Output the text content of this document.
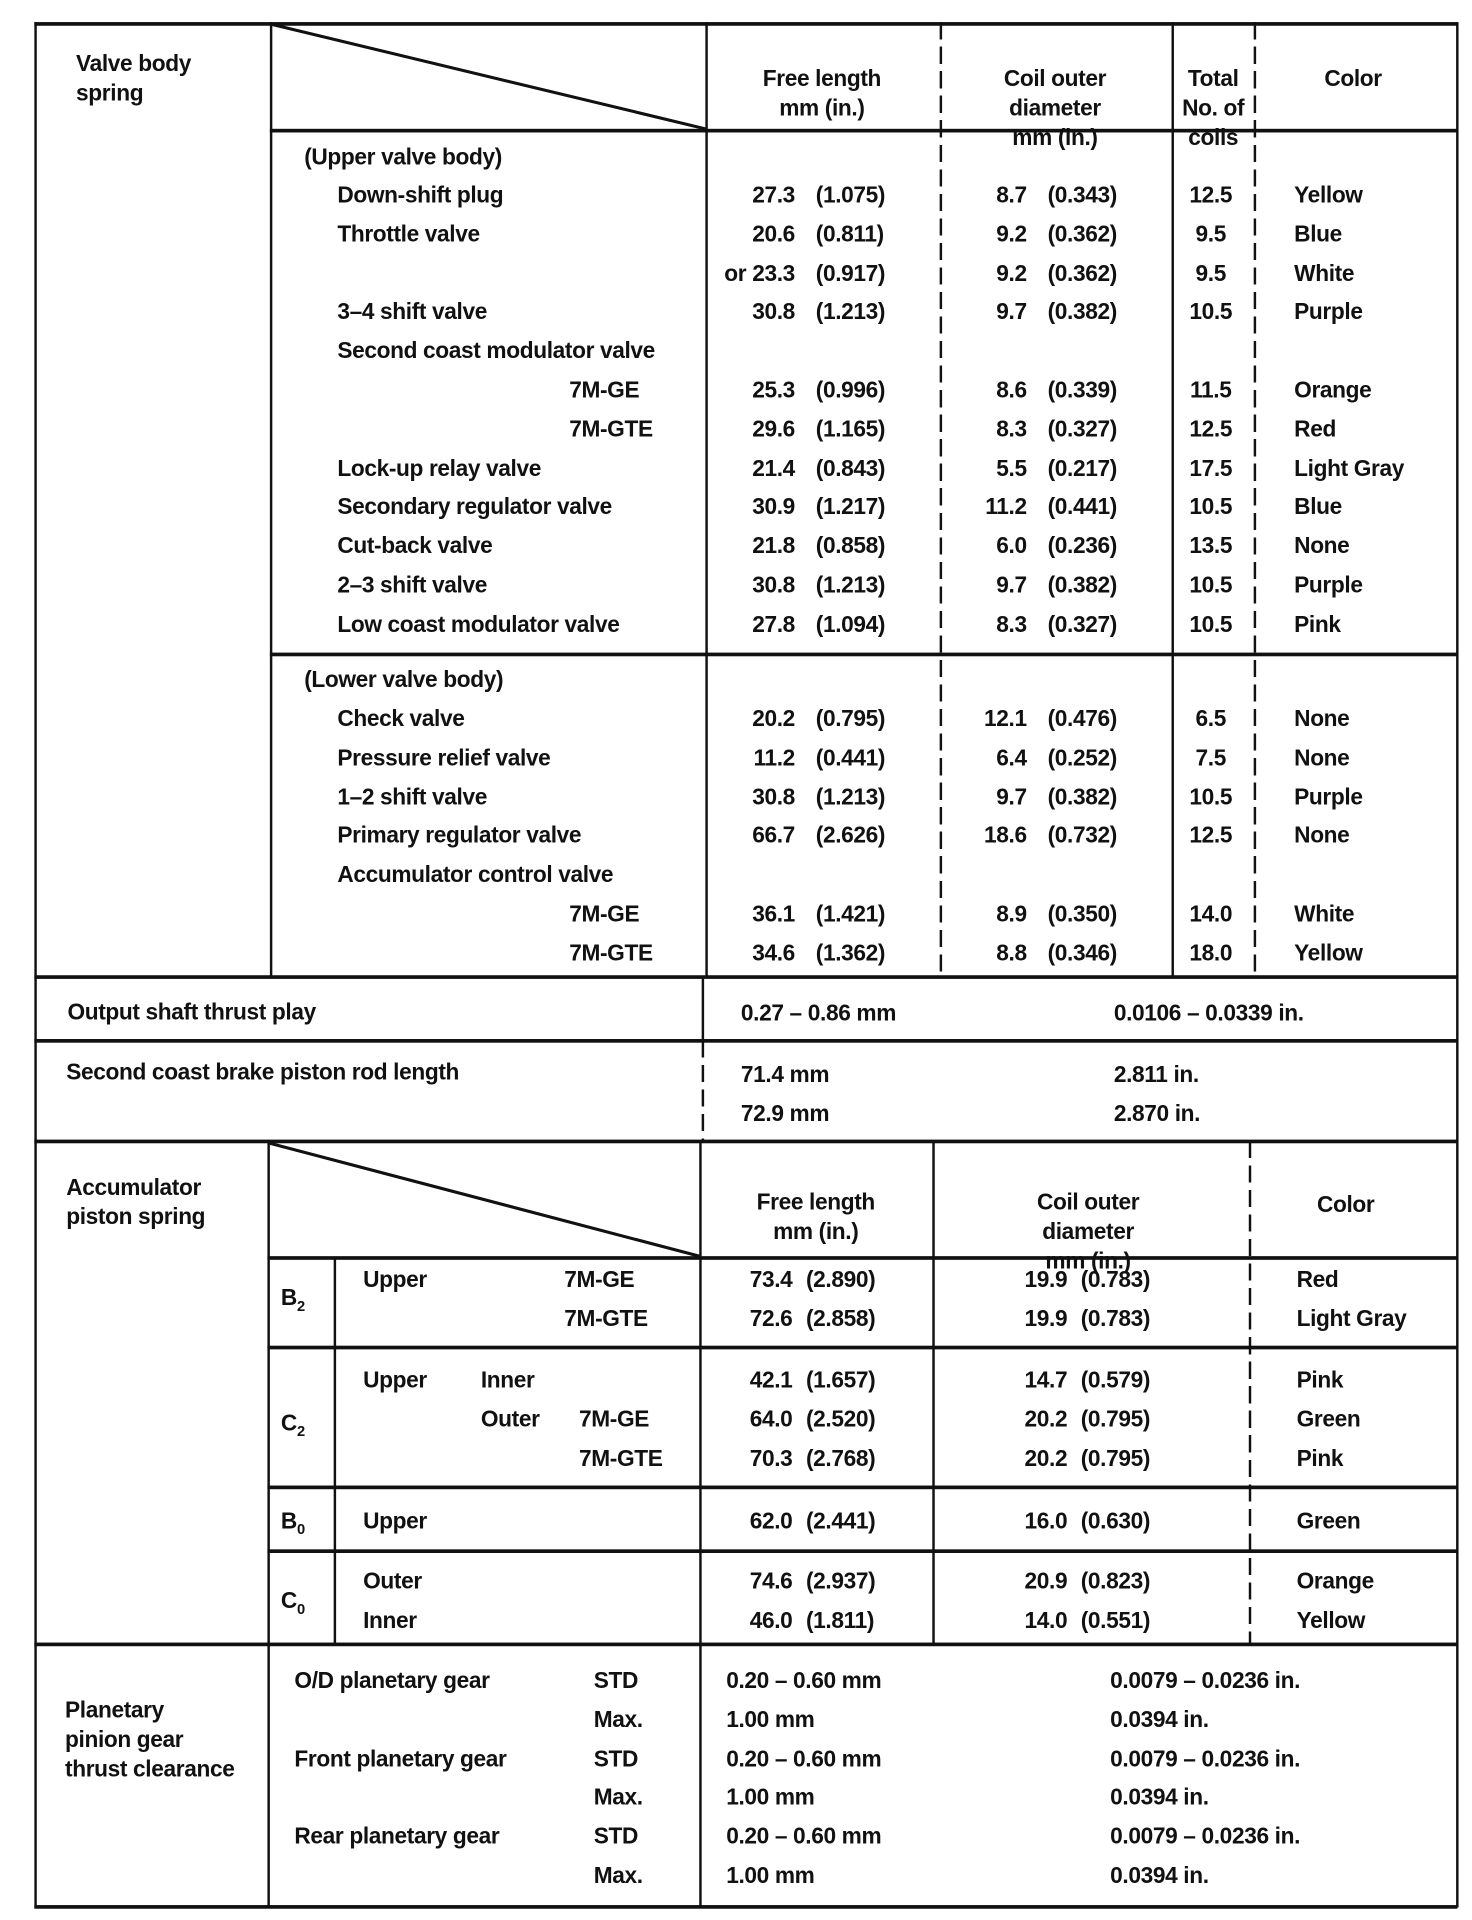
Valve body
spring
Free length
mm (in.)
Coil outer
diameter
mm (in.)
Total
No. of
coils
Color
(Upper valve body)
Down-shift plug	27.3 (1.075)	8.7 (0.343)	12.5	Yellow
Throttle valve	20.6 (0.811)	9.2 (0.362)	9.5	Blue
or 23.3 (0.917)	9.2 (0.362)	9.5	White
3–4 shift valve	30.8 (1.213)	9.7 (0.382)	10.5	Purple
Second coast modulator valve
7M-GE	25.3 (0.996)	8.6 (0.339)	11.5	Orange
7M-GTE	29.6 (1.165)	8.3 (0.327)	12.5	Red
Lock-up relay valve	21.4 (0.843)	5.5 (0.217)	17.5	Light Gray
Secondary regulator valve	30.9 (1.217)	11.2 (0.441)	10.5	Blue
Cut-back valve	21.8 (0.858)	6.0 (0.236)	13.5	None
2–3 shift valve	30.8 (1.213)	9.7 (0.382)	10.5	Purple
Low coast modulator valve	27.8 (1.094)	8.3 (0.327)	10.5	Pink
(Lower valve body)
Check valve	20.2 (0.795)	12.1 (0.476)	6.5	None
Pressure relief valve	11.2 (0.441)	6.4 (0.252)	7.5	None
1–2 shift valve	30.8 (1.213)	9.7 (0.382)	10.5	Purple
Primary regulator valve	66.7 (2.626)	18.6 (0.732)	12.5	None
Accumulator control valve
7M-GE	36.1 (1.421)	8.9 (0.350)	14.0	White
7M-GTE	34.6 (1.362)	8.8 (0.346)	18.0	Yellow
Output shaft thrust play	0.27 – 0.86 mm	0.0106 – 0.0339 in.
Second coast brake piston rod length	71.4 mm	2.811 in.
72.9 mm	2.870 in.
Accumulator
piston spring
Free length
mm (in.)
Coil outer
diameter
mm (in.)
Color
$B_2$
Upper	7M-GE	73.4 (2.890)	19.9 (0.783)	Red
7M-GTE	72.6 (2.858)	19.9 (0.783)	Light Gray
$C_2$
Upper	Inner	42.1 (1.657)	14.7 (0.579)	Pink
Outer 7M-GE	64.0 (2.520)	20.2 (0.795)	Green
7M-GTE	70.3 (2.768)	20.2 (0.795)	Pink
$B_0$	Upper	62.0 (2.441)	16.0 (0.630)	Green
$C_0$
Outer	74.6 (2.937)	20.9 (0.823)	Orange
Inner	46.0 (1.811)	14.0 (0.551)	Yellow
Planetary
pinion gear
thrust clearance
O/D planetary gear	STD	0.20 – 0.60 mm	0.0079 – 0.0236 in.
Max.	1.00 mm	0.0394 in.
Front planetary gear	STD	0.20 – 0.60 mm	0.0079 – 0.0236 in.
Max.	1.00 mm	0.0394 in.
Rear planetary gear	STD	0.20 – 0.60 mm	0.0079 – 0.0236 in.
Max.	1.00 mm	0.0394 in.
